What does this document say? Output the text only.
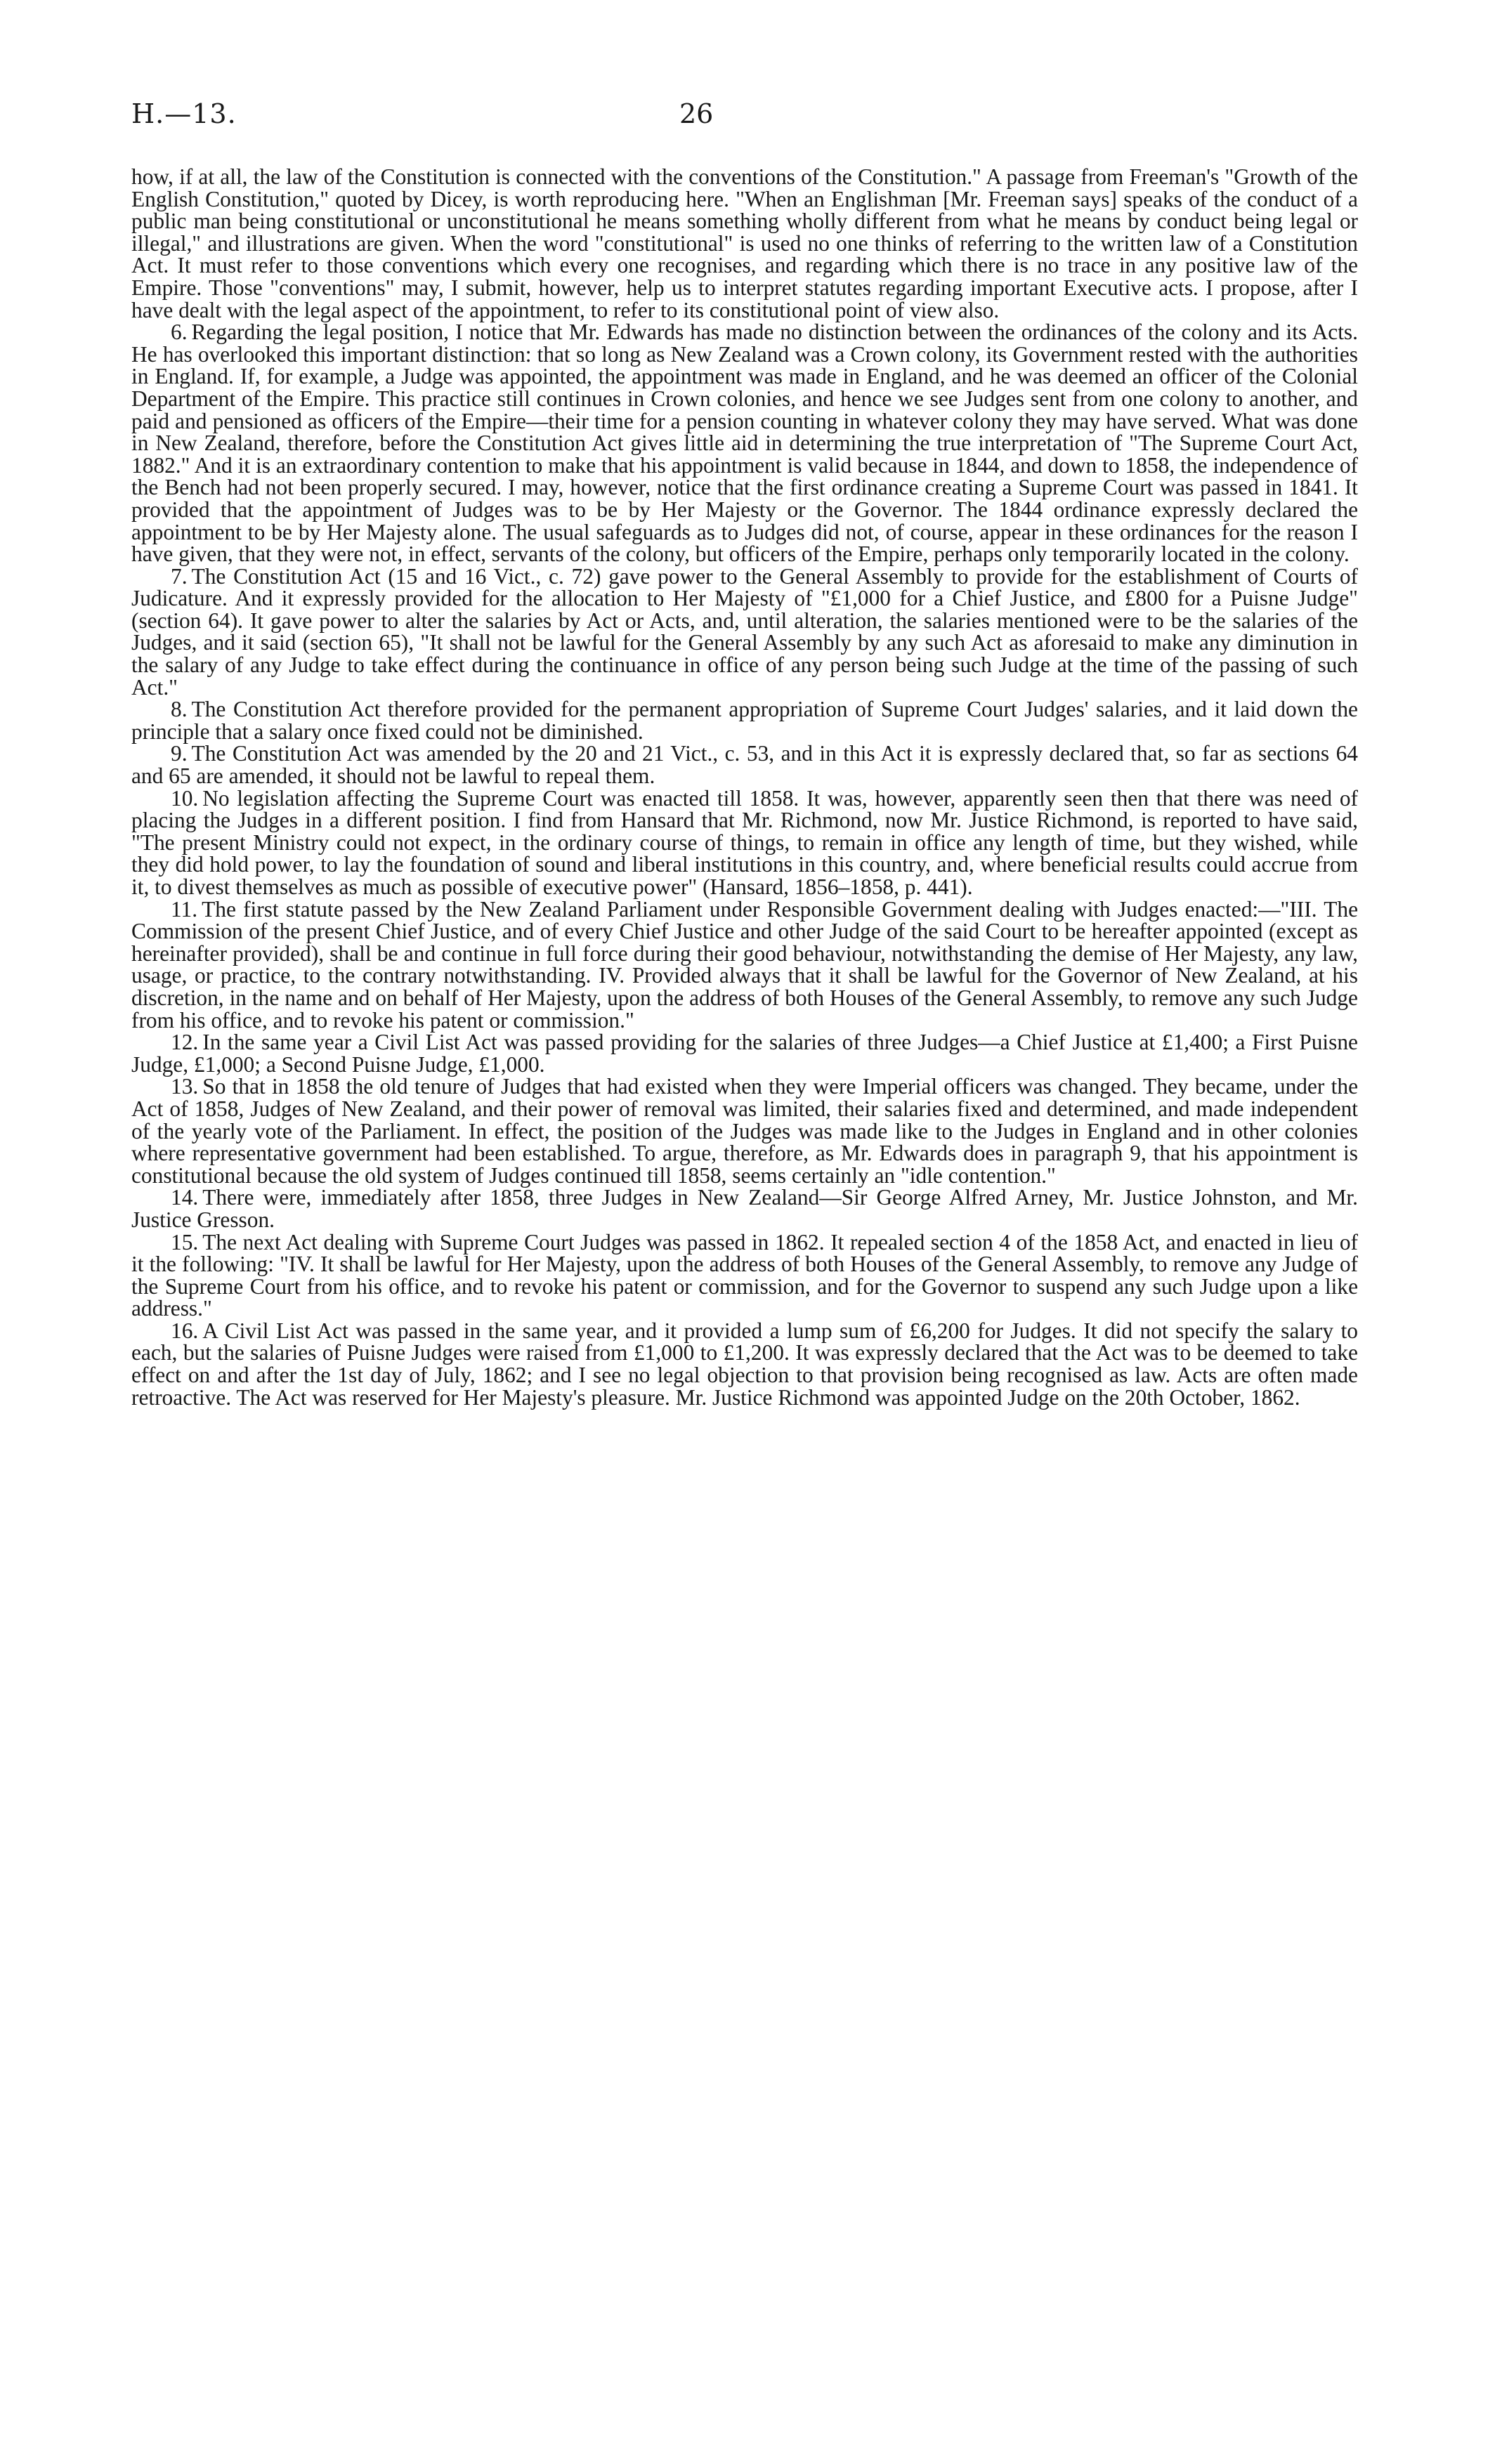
H.—13.	26

how, if at all, the law of the Constitution is connected with the conventions of the Constitution." A passage from Freeman's "Growth of the English Constitution," quoted by Dicey, is worth reproducing here. "When an Englishman [Mr. Freeman says] speaks of the conduct of a public man being constitutional or unconstitutional he means something wholly different from what he means by conduct being legal or illegal," and illustrations are given. When the word "constitutional" is used no one thinks of referring to the written law of a Constitution Act. It must refer to those conventions which every one recognises, and regarding which there is no trace in any positive law of the Empire. Those "conventions" may, I submit, however, help us to interpret statutes regarding important Executive acts. I propose, after I have dealt with the legal aspect of the appointment, to refer to its constitutional point of view also.

6. Regarding the legal position, I notice that Mr. Edwards has made no distinction between the ordinances of the colony and its Acts. He has overlooked this important distinction: that so long as New Zealand was a Crown colony, its Government rested with the authorities in England. If, for example, a Judge was appointed, the appointment was made in England, and he was deemed an officer of the Colonial Department of the Empire. This practice still continues in Crown colonies, and hence we see Judges sent from one colony to another, and paid and pensioned as officers of the Empire—their time for a pension counting in whatever colony they may have served. What was done in New Zealand, therefore, before the Constitution Act gives little aid in determining the true interpretation of "The Supreme Court Act, 1882." And it is an extraordinary contention to make that his appointment is valid because in 1844, and down to 1858, the independence of the Bench had not been properly secured. I may, however, notice that the first ordinance creating a Supreme Court was passed in 1841. It provided that the appointment of Judges was to be by Her Majesty or the Governor. The 1844 ordinance expressly declared the appointment to be by Her Majesty alone. The usual safeguards as to Judges did not, of course, appear in these ordinances for the reason I have given, that they were not, in effect, servants of the colony, but officers of the Empire, perhaps only temporarily located in the colony.

7. The Constitution Act (15 and 16 Vict., c. 72) gave power to the General Assembly to provide for the establishment of Courts of Judicature. And it expressly provided for the allocation to Her Majesty of "£1,000 for a Chief Justice, and £800 for a Puisne Judge" (section 64). It gave power to alter the salaries by Act or Acts, and, until alteration, the salaries mentioned were to be the salaries of the Judges, and it said (section 65), "It shall not be lawful for the General Assembly by any such Act as aforesaid to make any diminution in the salary of any Judge to take effect during the continuance in office of any person being such Judge at the time of the passing of such Act."

8. The Constitution Act therefore provided for the permanent appropriation of Supreme Court Judges' salaries, and it laid down the principle that a salary once fixed could not be diminished.

9. The Constitution Act was amended by the 20 and 21 Vict., c. 53, and in this Act it is expressly declared that, so far as sections 64 and 65 are amended, it should not be lawful to repeal them.

10. No legislation affecting the Supreme Court was enacted till 1858. It was, however, apparently seen then that there was need of placing the Judges in a different position. I find from Hansard that Mr. Richmond, now Mr. Justice Richmond, is reported to have said, "The present Ministry could not expect, in the ordinary course of things, to remain in office any length of time, but they wished, while they did hold power, to lay the foundation of sound and liberal institutions in this country, and, where beneficial results could accrue from it, to divest themselves as much as possible of executive power" (Hansard, 1856–1858, p. 441).

11. The first statute passed by the New Zealand Parliament under Responsible Government dealing with Judges enacted:—"III. The Commission of the present Chief Justice, and of every Chief Justice and other Judge of the said Court to be hereafter appointed (except as hereinafter provided), shall be and continue in full force during their good behaviour, notwithstanding the demise of Her Majesty, any law, usage, or practice, to the contrary notwithstanding. IV. Provided always that it shall be lawful for the Governor of New Zealand, at his discretion, in the name and on behalf of Her Majesty, upon the address of both Houses of the General Assembly, to remove any such Judge from his office, and to revoke his patent or commission."

12. In the same year a Civil List Act was passed providing for the salaries of three Judges—a Chief Justice at £1,400; a First Puisne Judge, £1,000; a Second Puisne Judge, £1,000.

13. So that in 1858 the old tenure of Judges that had existed when they were Imperial officers was changed. They became, under the Act of 1858, Judges of New Zealand, and their power of removal was limited, their salaries fixed and determined, and made independent of the yearly vote of the Parliament. In effect, the position of the Judges was made like to the Judges in England and in other colonies where representative government had been established. To argue, therefore, as Mr. Edwards does in paragraph 9, that his appointment is constitutional because the old system of Judges continued till 1858, seems certainly an "idle contention."

14. There were, immediately after 1858, three Judges in New Zealand—Sir George Alfred Arney, Mr. Justice Johnston, and Mr. Justice Gresson.

15. The next Act dealing with Supreme Court Judges was passed in 1862. It repealed section 4 of the 1858 Act, and enacted in lieu of it the following: "IV. It shall be lawful for Her Majesty, upon the address of both Houses of the General Assembly, to remove any Judge of the Supreme Court from his office, and to revoke his patent or commission, and for the Governor to suspend any such Judge upon a like address."

16. A Civil List Act was passed in the same year, and it provided a lump sum of £6,200 for Judges. It did not specify the salary to each, but the salaries of Puisne Judges were raised from £1,000 to £1,200. It was expressly declared that the Act was to be deemed to take effect on and after the 1st day of July, 1862; and I see no legal objection to that provision being recognised as law. Acts are often made retroactive. The Act was reserved for Her Majesty's pleasure. Mr. Justice Richmond was appointed Judge on the 20th October, 1862.
